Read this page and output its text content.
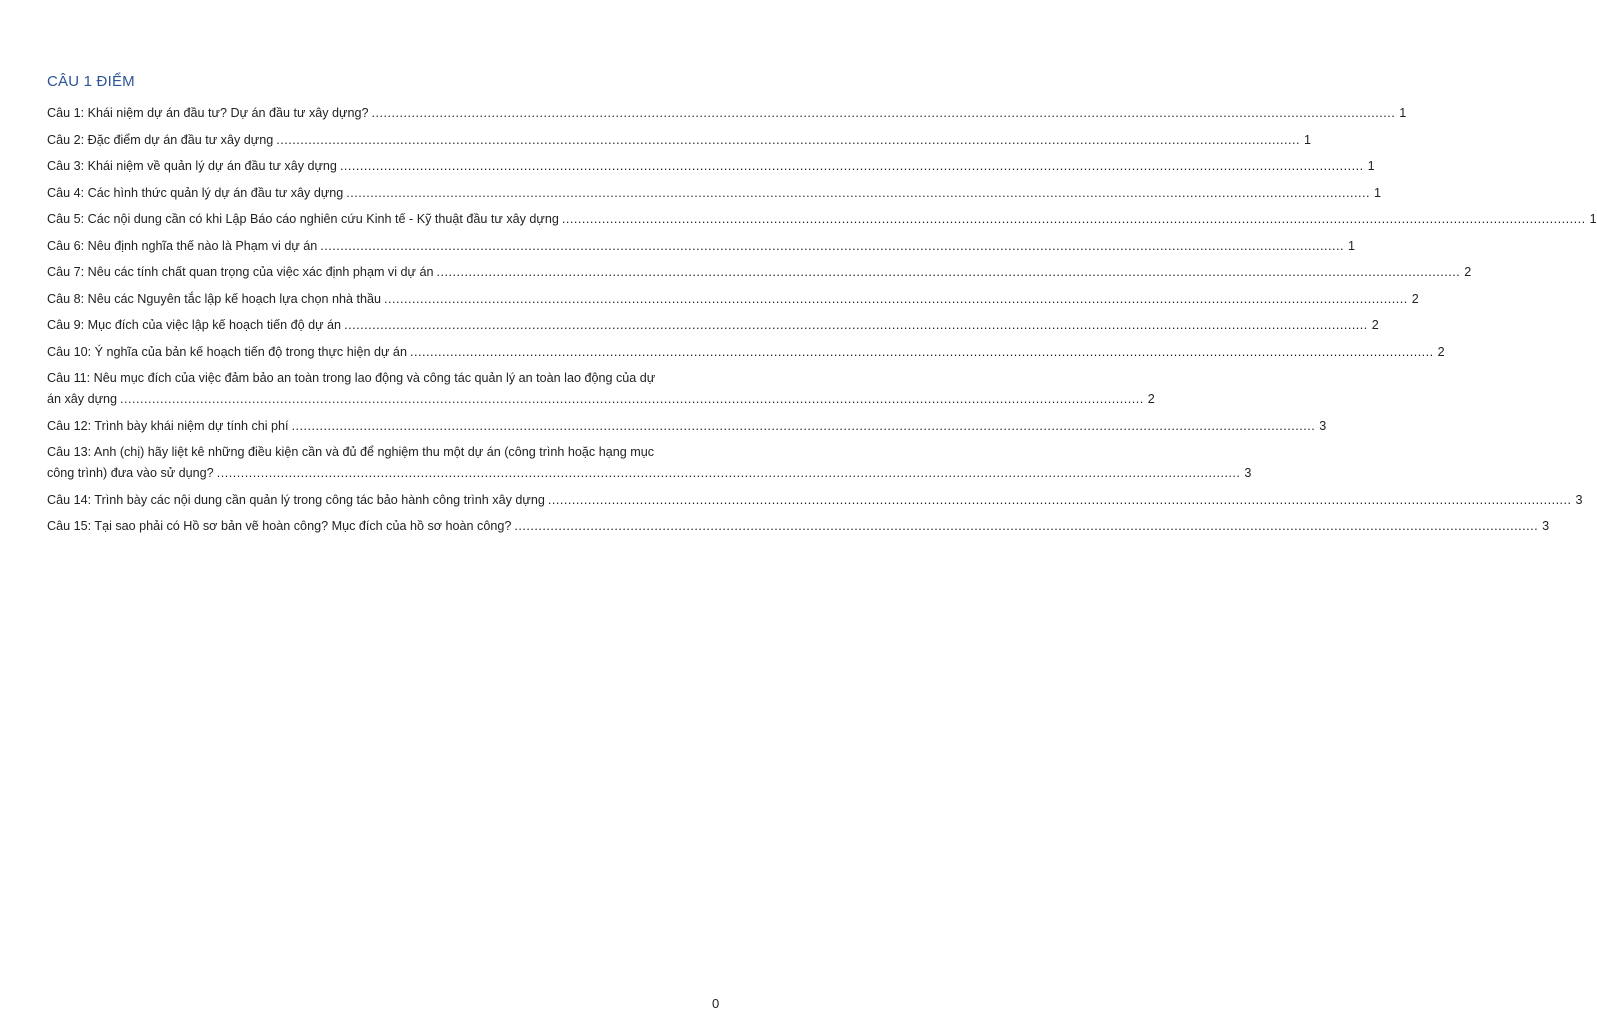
CÂU 1 ĐIỂM
Câu 1: Khái niệm dự án đầu tư? Dự án đầu tư xây dựng? .....	1
Câu 2: Đặc điểm dự án đầu tư xây dựng .....	1
Câu 3: Khái niệm về quản lý dự án đầu tư xây dựng .....	1
Câu 4: Các hình thức quản lý dự án đầu tư xây dựng .....	1
Câu 5: Các nội dung cần có khi Lập Báo cáo nghiên cứu Kinh tế - Kỹ thuật đầu tư xây dựng .....	1
Câu 6: Nêu định nghĩa thế nào là Phạm vi dự án .....	1
Câu 7: Nêu các tính chất quan trọng của việc xác định phạm vi dự án .....	2
Câu 8: Nêu các Nguyên tắc lập kế hoạch lựa chọn nhà thầu .....	2
Câu 9: Mục đích của việc lập kế hoạch tiến độ dự án .....	2
Câu 10: Ý nghĩa của bản kế hoạch tiến độ trong thực hiện dự án .....	2
Câu 11: Nêu mục đích của việc đảm bảo an toàn trong lao động và công tác quản lý an toàn lao động của dự
án xây dựng .....	2
Câu 12: Trình bày khái niệm dự tính chi phí .....	3
Câu 13: Anh (chị) hãy liệt kê những điều kiện cần và đủ để nghiệm thu một dự án (công trình hoặc hạng mục
công trình) đưa vào sử dụng? .....	3
Câu 14: Trình bày các nội dung cần quản lý trong công tác bảo hành công trình xây dựng .....	3
Câu 15: Tại sao phải có Hồ sơ bản vẽ hoàn công? Mục đích của hồ sơ hoàn công? .....	3
0
